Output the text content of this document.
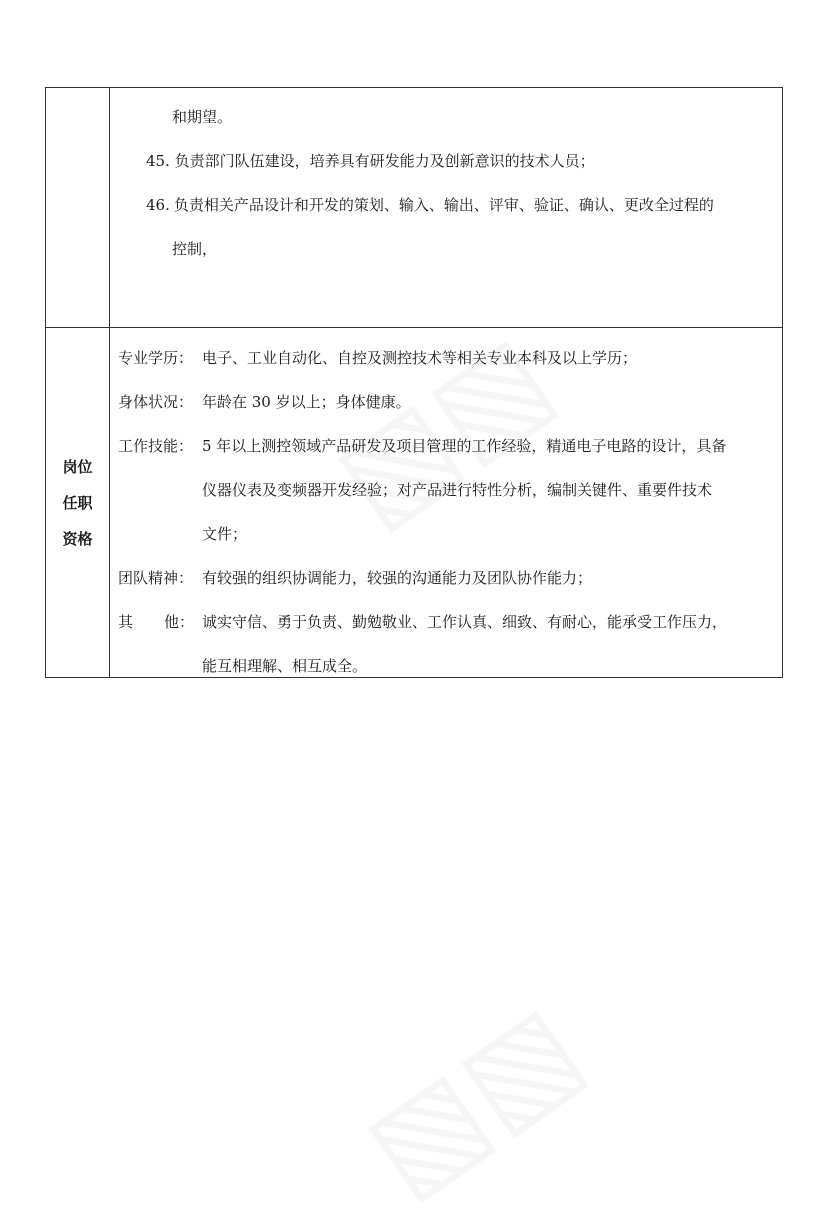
和期望。
45. 负责部门队伍建设，培养具有研发能力及创新意识的技术人员；
46. 负责相关产品设计和开发的策划、输入、输出、评审、验证、确认、更改全过程的
控制，
岗位
任职
资格
专业学历： 电子、工业自动化、自控及测控技术等相关专业本科及以上学历；
身体状况： 年龄在 30 岁以上；身体健康。
工作技能： 5 年以上测控领域产品研发及项目管理的工作经验，精通电子电路的设计，具备
仪器仪表及变频器开发经验；对产品进行特性分析，编制关键件、重要件技术
文件；
团队精神： 有较强的组织协调能力，较强的沟通能力及团队协作能力；
其 他： 诚实守信、勇于负责、勤勉敬业、工作认真、细致、有耐心，能承受工作压力，
能互相理解、相互成全。
